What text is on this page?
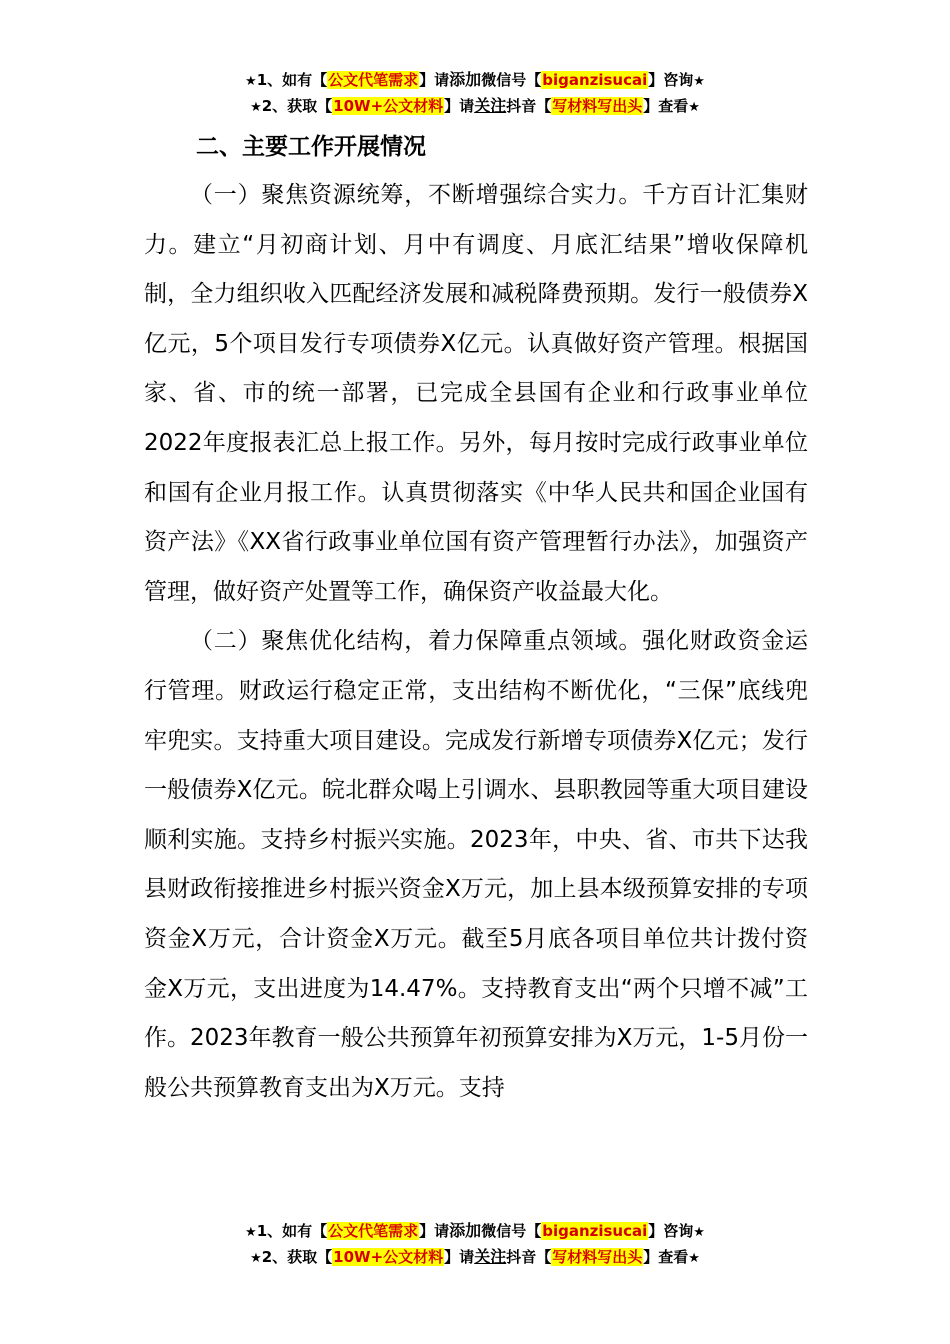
★1、如有【公文代笔需求】请添加微信号【biganzisucai】咨询★
★2、获取【10W+公文材料】请关注抖音【写材料写出头】查看★
二、主要工作开展情况

（一）聚焦资源统筹，不断增强综合实力。千方百计汇集财力。建立“月初商计划、月中有调度、月底汇结果”增收保障机制，全力组织收入匹配经济发展和减税降费预期。发行一般债券X亿元，5个项目发行专项债券X亿元。认真做好资产管理。根据国家、省、市的统一部署，已完成全县国有企业和行政事业单位2022年度报表汇总上报工作。另外，每月按时完成行政事业单位和国有企业月报工作。认真贯彻落实《中华人民共和国企业国有资产法》《XX省行政事业单位国有资产管理暂行办法》，加强资产管理，做好资产处置等工作，确保资产收益最大化。

（二）聚焦优化结构，着力保障重点领域。强化财政资金运行管理。财政运行稳定正常，支出结构不断优化，“三保”底线兜牢兜实。支持重大项目建设。完成发行新增专项债券X亿元；发行一般债券X亿元。皖北群众喝上引调水、县职教园等重大项目建设顺利实施。支持乡村振兴实施。2023年，中央、省、市共下达我县财政衔接推进乡村振兴资金X万元，加上县本级预算安排的专项资金X万元，合计资金X万元。截至5月底各项目单位共计拨付资金X万元，支出进度为14.47%。支持教育支出“两个只增不减”工作。2023年教育一般公共预算年初预算安排为X万元，1-5月份一般公共预算教育支出为X万元。支持

★1、如有【公文代笔需求】请添加微信号【biganzisucai】咨询★
★2、获取【10W+公文材料】请关注抖音【写材料写出头】查看★
